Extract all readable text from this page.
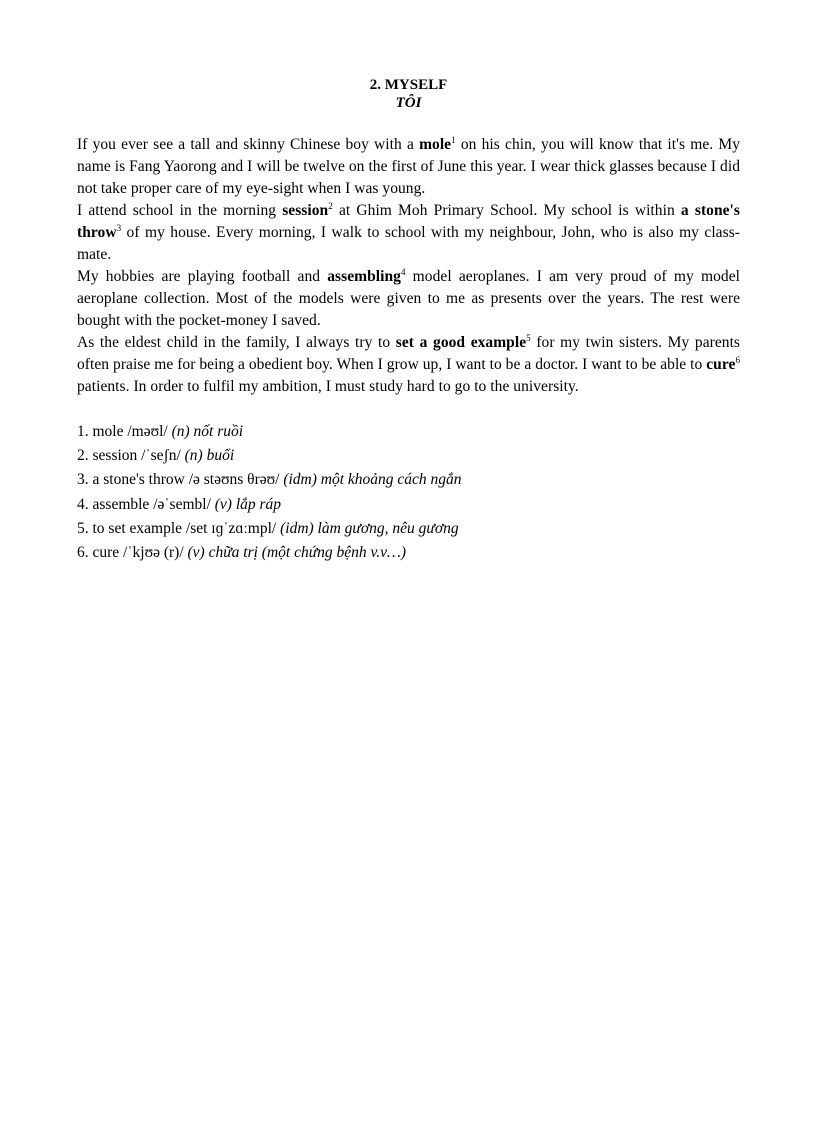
2. MYSELF
TÔI

If you ever see a tall and skinny Chinese boy with a mole$^1$ on his chin, you will know that it's me. My name is Fang Yaorong and I will be twelve on the first of June this year. I wear thick glasses because I did not take proper care of my eye-sight when I was young.

I attend school in the morning session$^2$ at Ghim Moh Primary School. My school is within a stone's throw$^3$ of my house. Every morning, I walk to school with my neighbour, John, who is also my class-mate.

My hobbies are playing football and assembling$^4$ model aeroplanes. I am very proud of my model aeroplane collection. Most of the models were given to me as presents over the years. The rest were bought with the pocket-money I saved.

As the eldest child in the family, I always try to set a good example$^5$ for my twin sisters. My parents often praise me for being a obedient boy. When I grow up, I want to be a doctor. I want to be able to cure$^6$ patients. In order to fulfil my ambition, I must study hard to go to the university.

1. mole /məʊl/ (n) nốt ruồi
2. session /ˈseʃn/ (n) buổi
3. a stone's throw /ə stəʊns θrəʊ/ (idm) một khoảng cách ngắn
4. assemble /əˈsembl/ (v) lắp ráp
5. to set example /set ɪɡˈzɑːmpl/ (idm) làm gương, nêu gương
6. cure /ˈkjʊə (r)/ (v) chữa trị (một chứng bệnh v.v…)
